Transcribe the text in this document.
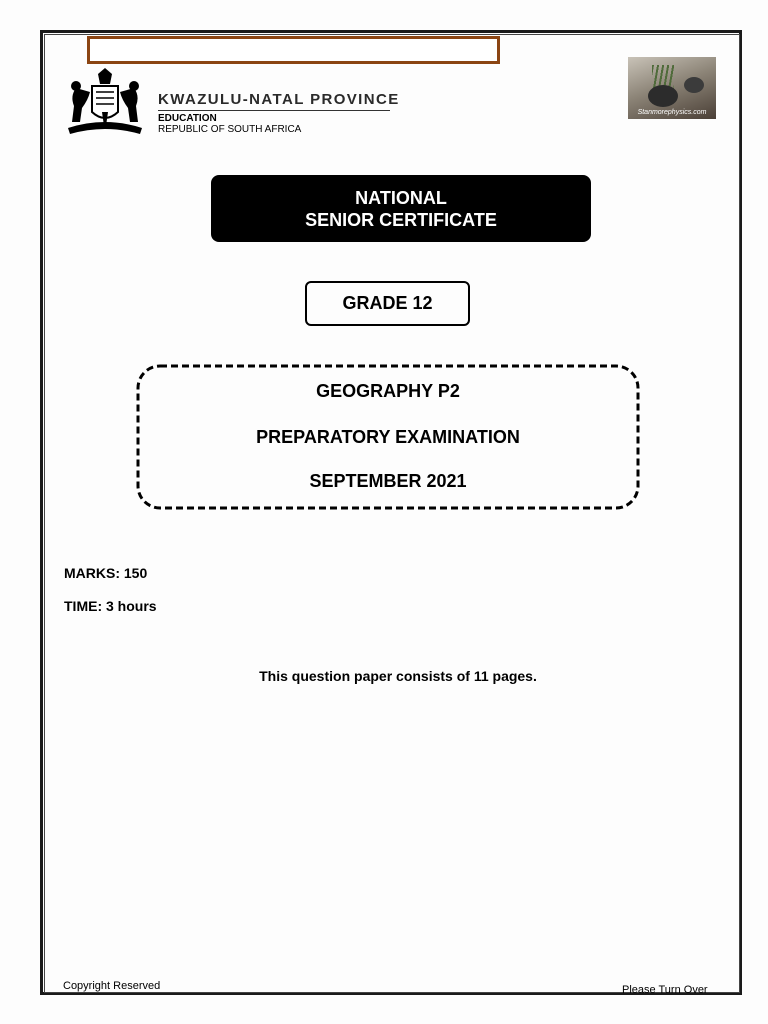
KWAZULU-NATAL PROVINCE
EDUCATION
REPUBLIC OF SOUTH AFRICA
Stanmorephysics.com
NATIONAL
SENIOR CERTIFICATE
GRADE 12
GEOGRAPHY P2
PREPARATORY EXAMINATION
SEPTEMBER 2021
MARKS: 150
TIME: 3 hours
This question paper consists of 11 pages.
Copyright Reserved	Please Turn Over
